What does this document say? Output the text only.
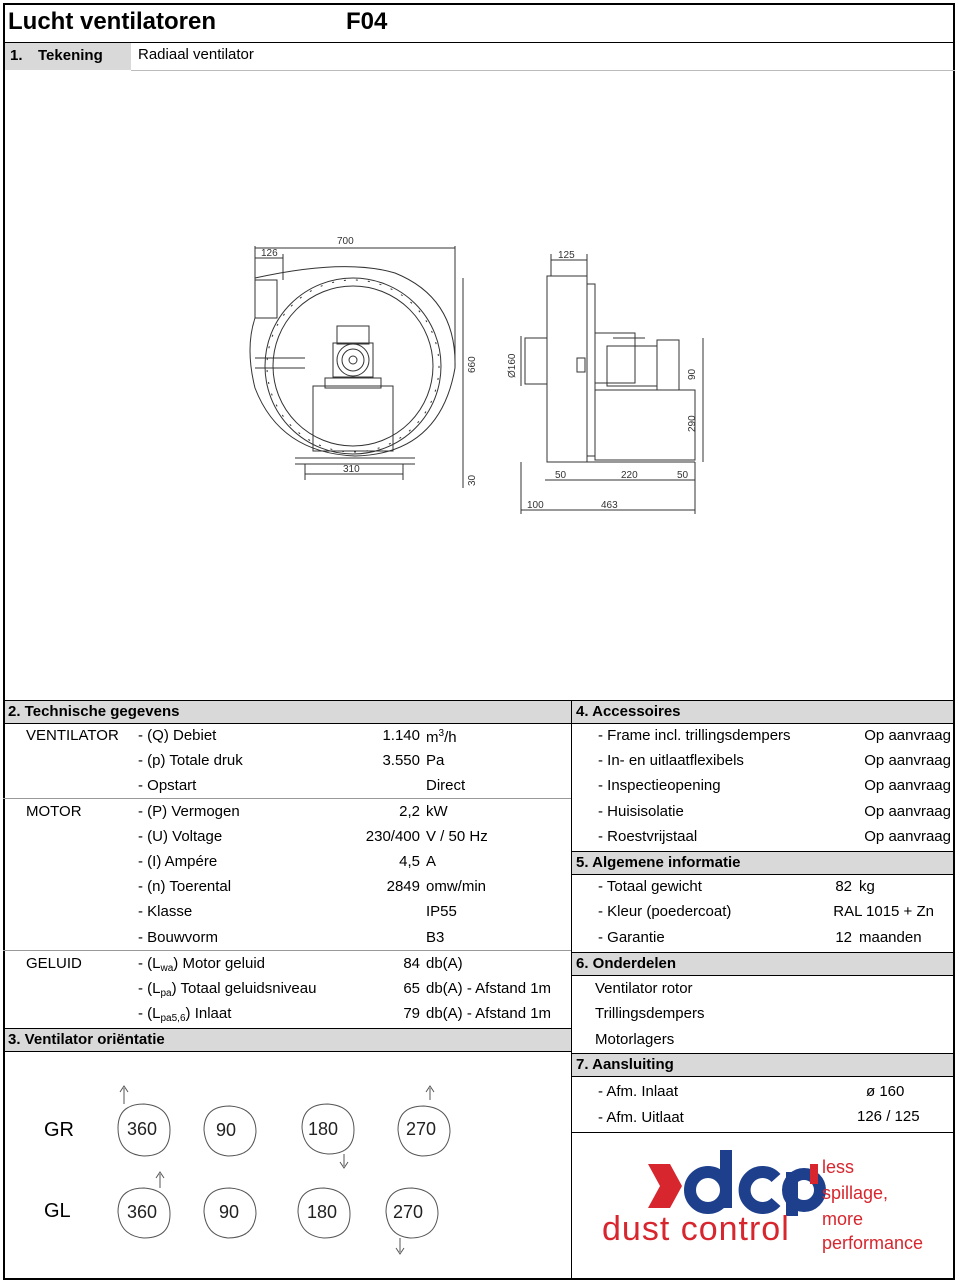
Lucht ventilatoren	F04
1. Tekening Radiaal ventilator
700
126
310
660
30
125
Ø160	90
290
50	220	50
100	463
2. Technische gegevens	4. Accessoires
VENTILATOR - (Q) Debiet	1.140 $m^3/h$
- (p) Totale druk	3.550 Pa
- Opstart	Direct
MOTOR	- (P) Vermogen	2,2 kW
- (U) Voltage	230/400 V / 50 Hz
- (I) Ampére	4,5 A
- (n) Toerental	2849 omw/min
- Klasse	IP55
- Bouwvorm	B3
GELUID	- $(L_{wa})$ Motor geluid	84 db(A)
- $(L_{pa})$ Totaal geluidsniveau	65 db(A) - Afstand 1m
- $(L_{pa5,6})$ Inlaat	79 db(A) - Afstand 1m
3. Ventilator oriëntatie
GR
GL
360	90	180	270
360	90	180	270
- Frame incl. trillingsdempers	Op aanvraag
- In- en uitlaatflexibels	Op aanvraag
- Inspectieopening	Op aanvraag
- Huisisolatie	Op aanvraag
- Roestvrijstaal	Op aanvraag
5. Algemene informatie
- Totaal gewicht	82 kg
- Kleur (poedercoat)	RAL 1015 + Zn
- Garantie	12 maanden
6. Onderdelen
Ventilator rotor
Trillingsdempers
Motorlagers
7. Aansluiting
- Afm. Inlaat	ø 160
- Afm. Uitlaat	126 / 125
dust control
less
spillage,
more
performance
